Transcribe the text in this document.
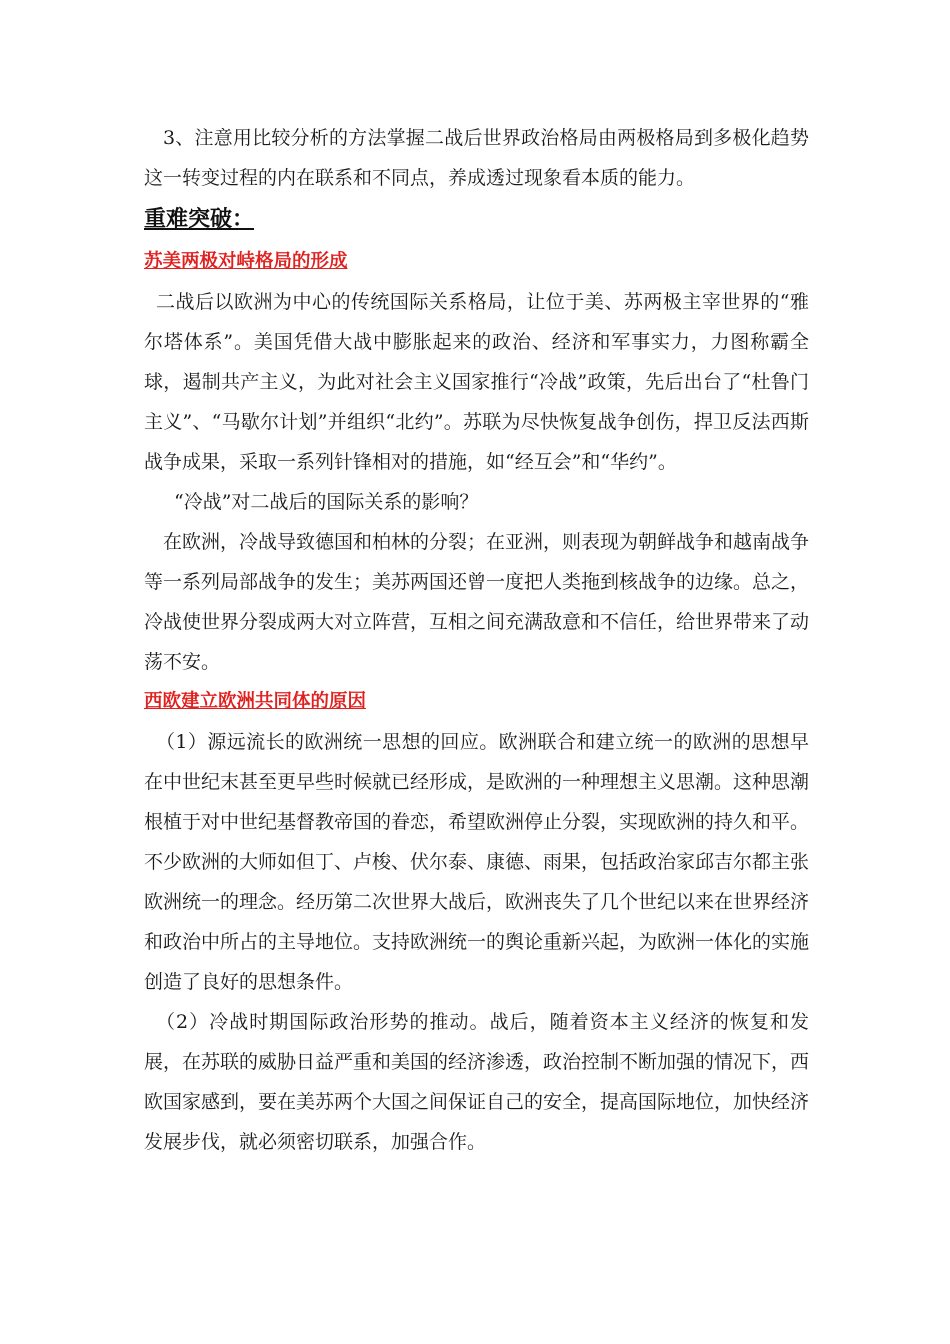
3、注意用比较分析的方法掌握二战后世界政治格局由两极格局到多极化趋势这一转变过程的内在联系和不同点，养成透过现象看本质的能力。

重难突破：

苏美两极对峙格局的形成

二战后以欧洲为中心的传统国际关系格局，让位于美、苏两极主宰世界的“雅尔塔体系”。美国凭借大战中膨胀起来的政治、经济和军事实力，力图称霸全球，遏制共产主义，为此对社会主义国家推行“冷战”政策，先后出台了“杜鲁门主义”、“马歇尔计划”并组织“北约”。苏联为尽快恢复战争创伤，捍卫反法西斯战争成果，采取一系列针锋相对的措施，如“经互会”和“华约”。

“冷战”对二战后的国际关系的影响？

在欧洲，冷战导致德国和柏林的分裂；在亚洲，则表现为朝鲜战争和越南战争等一系列局部战争的发生；美苏两国还曾一度把人类拖到核战争的边缘。总之，冷战使世界分裂成两大对立阵营，互相之间充满敌意和不信任，给世界带来了动荡不安。

西欧建立欧洲共同体的原因

（1）源远流长的欧洲统一思想的回应。欧洲联合和建立统一的欧洲的思想早在中世纪末甚至更早些时候就已经形成，是欧洲的一种理想主义思潮。这种思潮根植于对中世纪基督教帝国的眷恋，希望欧洲停止分裂，实现欧洲的持久和平。不少欧洲的大师如但丁、卢梭、伏尔泰、康德、雨果，包括政治家邱吉尔都主张欧洲统一的理念。经历第二次世界大战后，欧洲丧失了几个世纪以来在世界经济和政治中所占的主导地位。支持欧洲统一的舆论重新兴起，为欧洲一体化的实施创造了良好的思想条件。

（2）冷战时期国际政治形势的推动。战后，随着资本主义经济的恢复和发展，在苏联的威胁日益严重和美国的经济渗透，政治控制不断加强的情况下，西欧国家感到，要在美苏两个大国之间保证自己的安全，提高国际地位，加快经济发展步伐，就必须密切联系，加强合作。
